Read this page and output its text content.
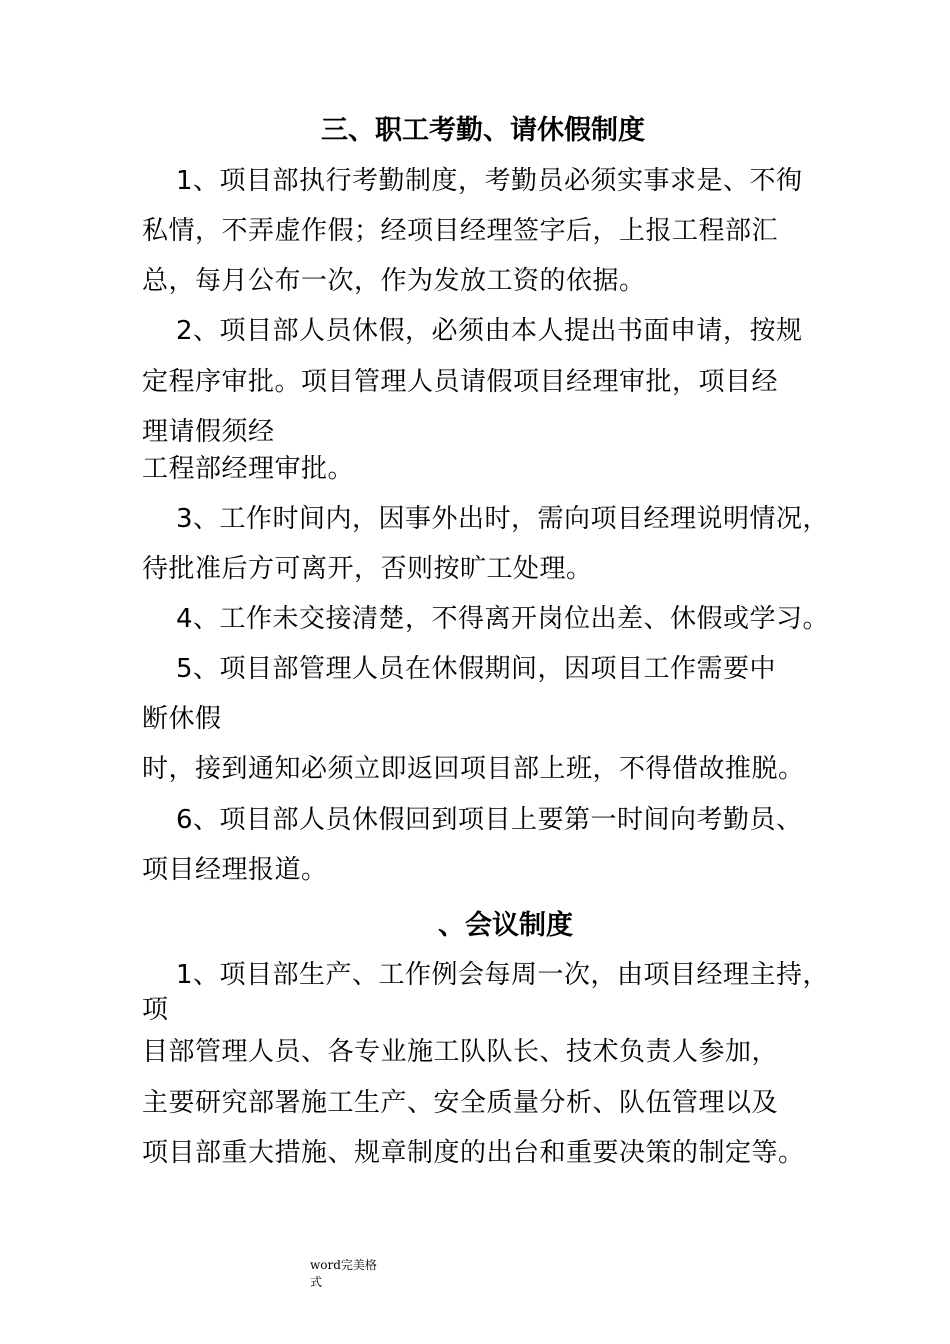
三、职工考勤、请休假制度
1、项目部执行考勤制度，考勤员必须实事求是、不徇
私情，不弄虚作假；经项目经理签字后，上报工程部汇
总，每月公布一次，作为发放工资的依据。
2、项目部人员休假，必须由本人提出书面申请，按规
定程序审批。项目管理人员请假项目经理审批，项目经
理请假须经
工程部经理审批。
3、工作时间内，因事外出时，需向项目经理说明情况，
待批准后方可离开，否则按旷工处理。
4、工作未交接清楚，不得离开岗位出差、休假或学习。
5、项目部管理人员在休假期间，因项目工作需要中
断休假
时，接到通知必须立即返回项目部上班，不得借故推脱。
6、项目部人员休假回到项目上要第一时间向考勤员、
项目经理报道。
、会议制度
1、项目部生产、工作例会每周一次，由项目经理主持，
项
目部管理人员、各专业施工队队长、技术负责人参加，
主要研究部署施工生产、安全质量分析、队伍管理以及
项目部重大措施、规章制度的出台和重要决策的制定等。
word完美格
式
